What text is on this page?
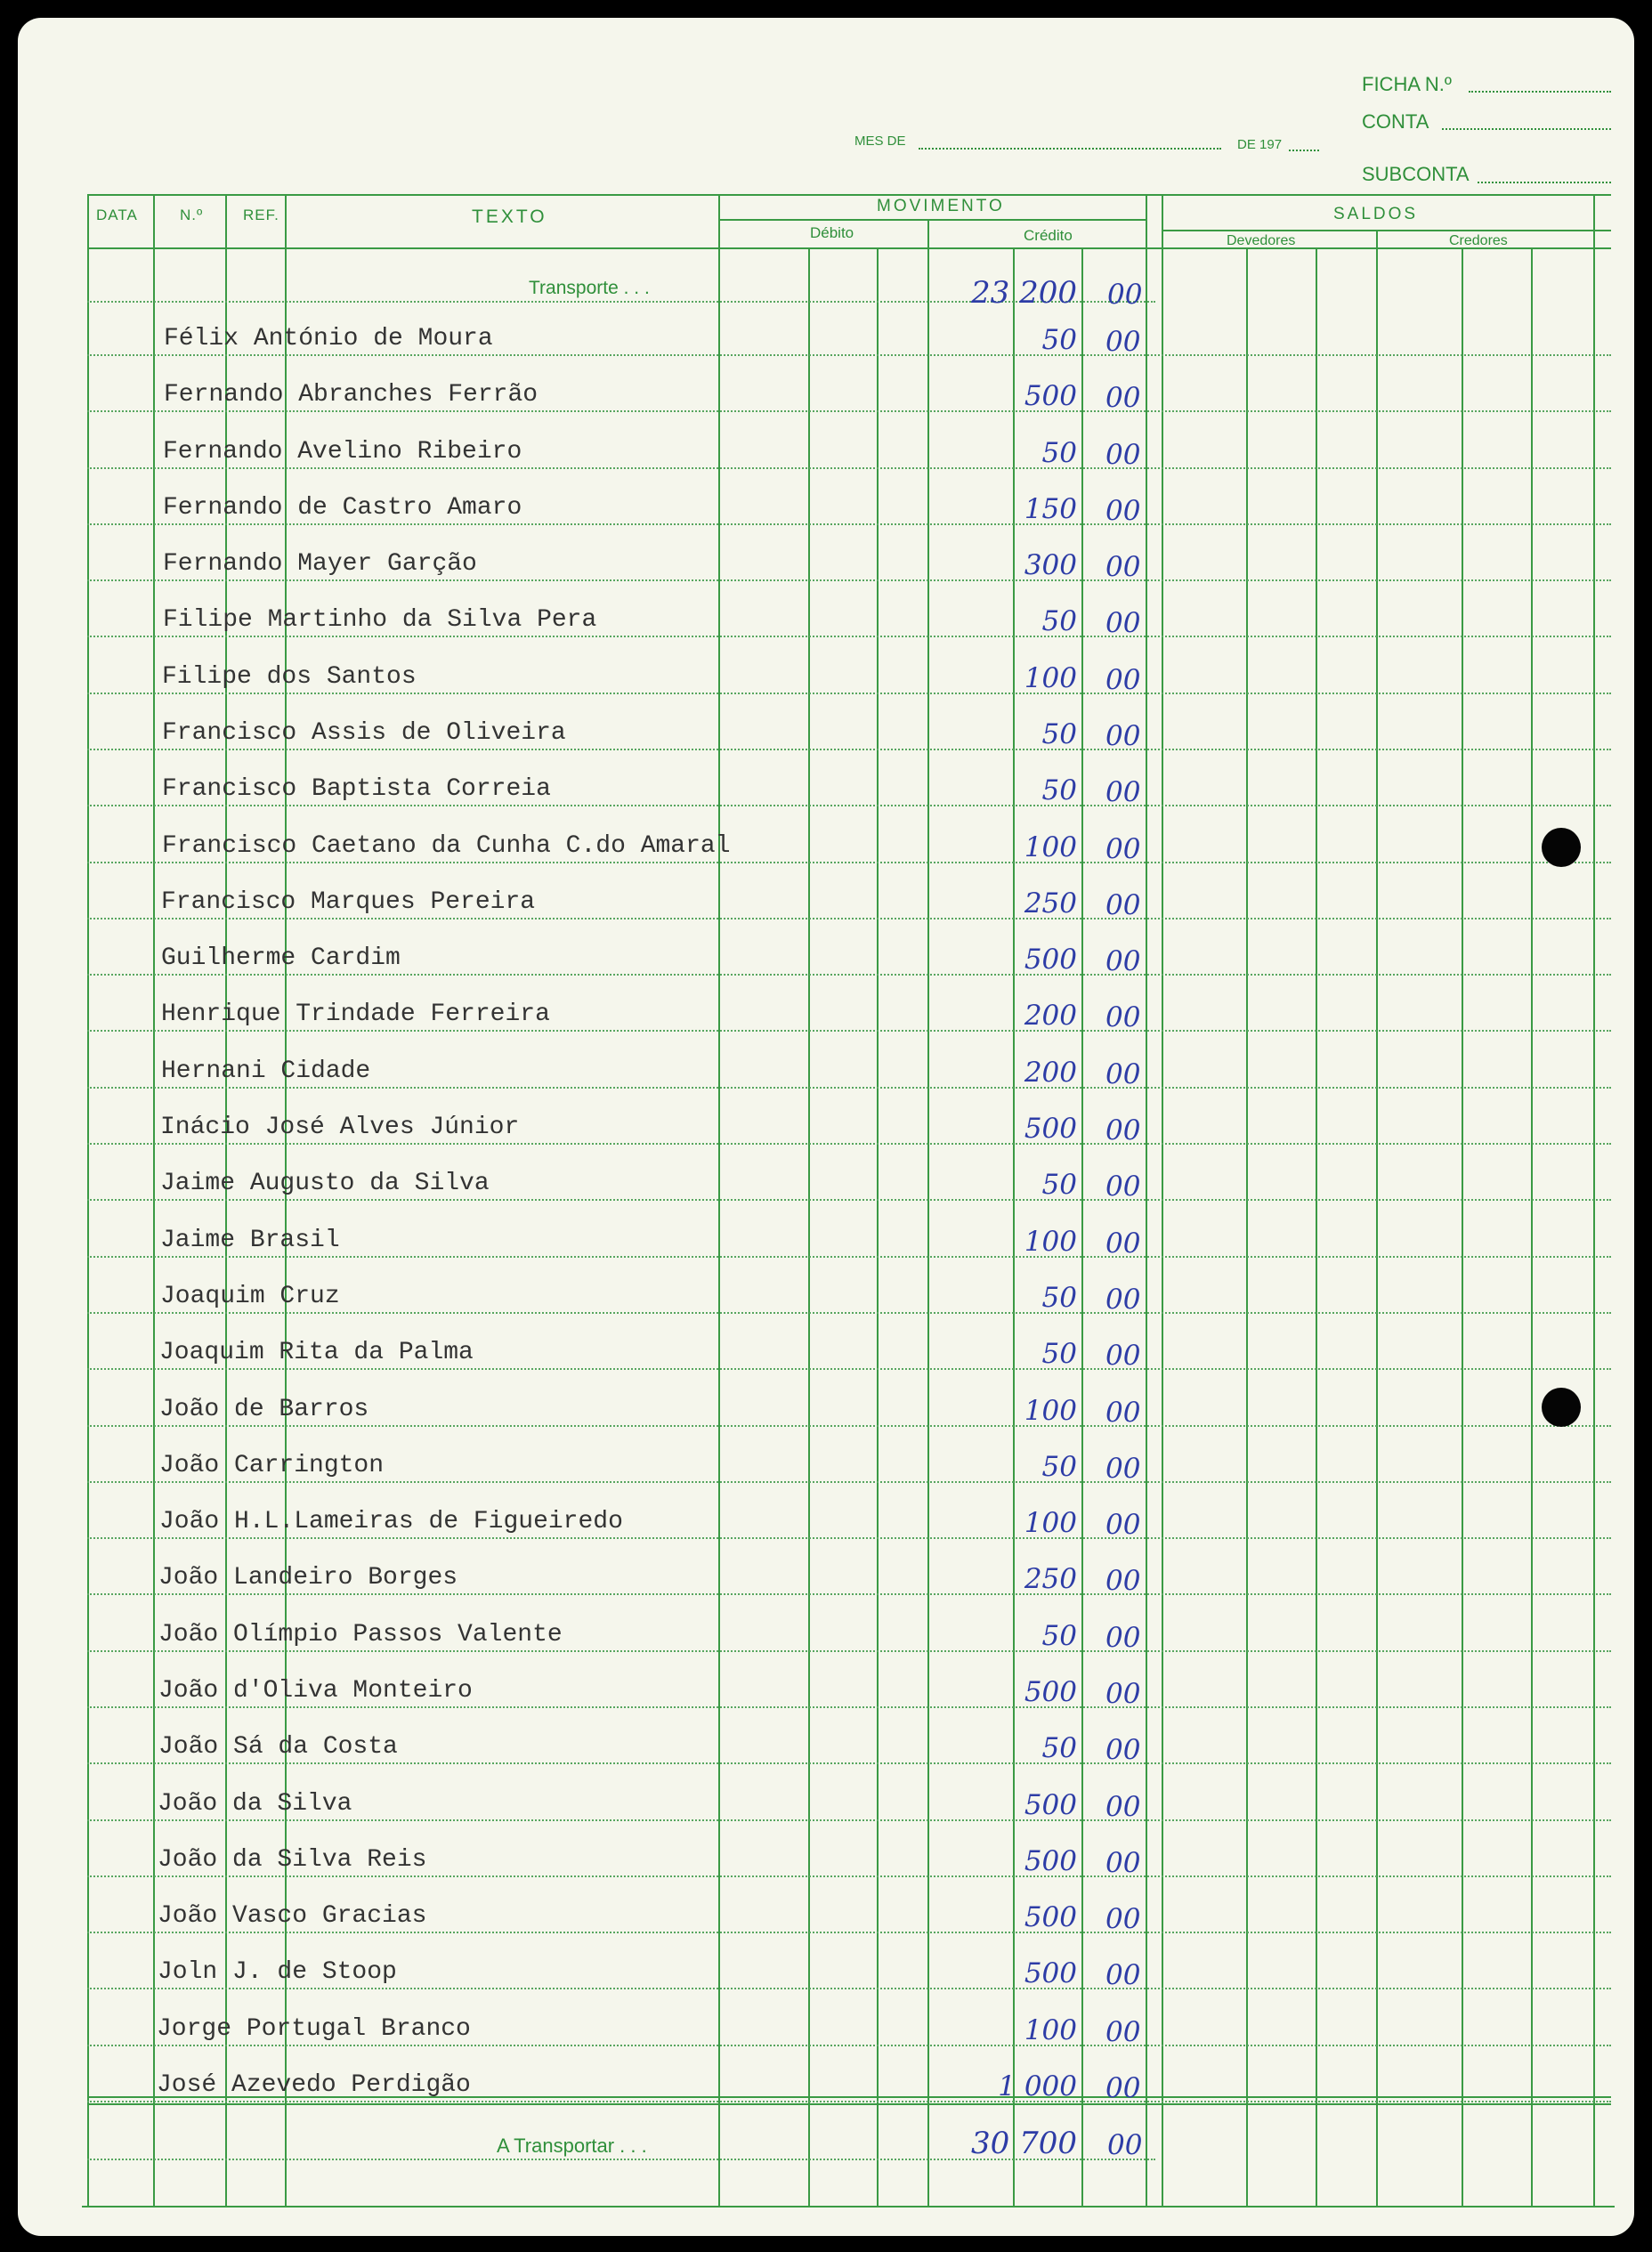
FICHA N.º
CONTA
SUBCONTA
MES DE	DE 197
DATA	N.º	REF.	TEXTO
MOVIMENTO
Débito	Crédito
SALDOS
Devedores	Credores
Transporte . . .	23 200 00
Félix António de Moura	50 00
Fernando Abranches Ferrão	500 00
Fernando Avelino Ribeiro	50 00
Fernando de Castro Amaro	150 00
Fernando Mayer Garção	300 00
Filipe Martinho da Silva Pera	50 00
Filipe dos Santos	100 00
Francisco Assis de Oliveira	50 00
Francisco Baptista Correia	50 00
Francisco Caetano da Cunha C.do Amaral	100 00
Francisco Marques Pereira	250 00
Guilherme Cardim	500 00
Henrique Trindade Ferreira	200 00
Hernani Cidade	200 00
Inácio José Alves Júnior	500 00
Jaime Augusto da Silva	50 00
Jaime Brasil	100 00
Joaquim Cruz	50 00
Joaquim Rita da Palma	50 00
João de Barros	100 00
João Carrington	50 00
João H.L.Lameiras de Figueiredo	100 00
João Landeiro Borges	250 00
João Olímpio Passos Valente	50 00
João d'Oliva Monteiro	500 00
João Sá da Costa	50 00
João da Silva	500 00
João da Silva Reis	500 00
João Vasco Gracias	500 00
Joln J. de Stoop	500 00
Jorge Portugal Branco	100 00
José Azevedo Perdigão	1 000 00
A Transportar . . .	30 700 00
